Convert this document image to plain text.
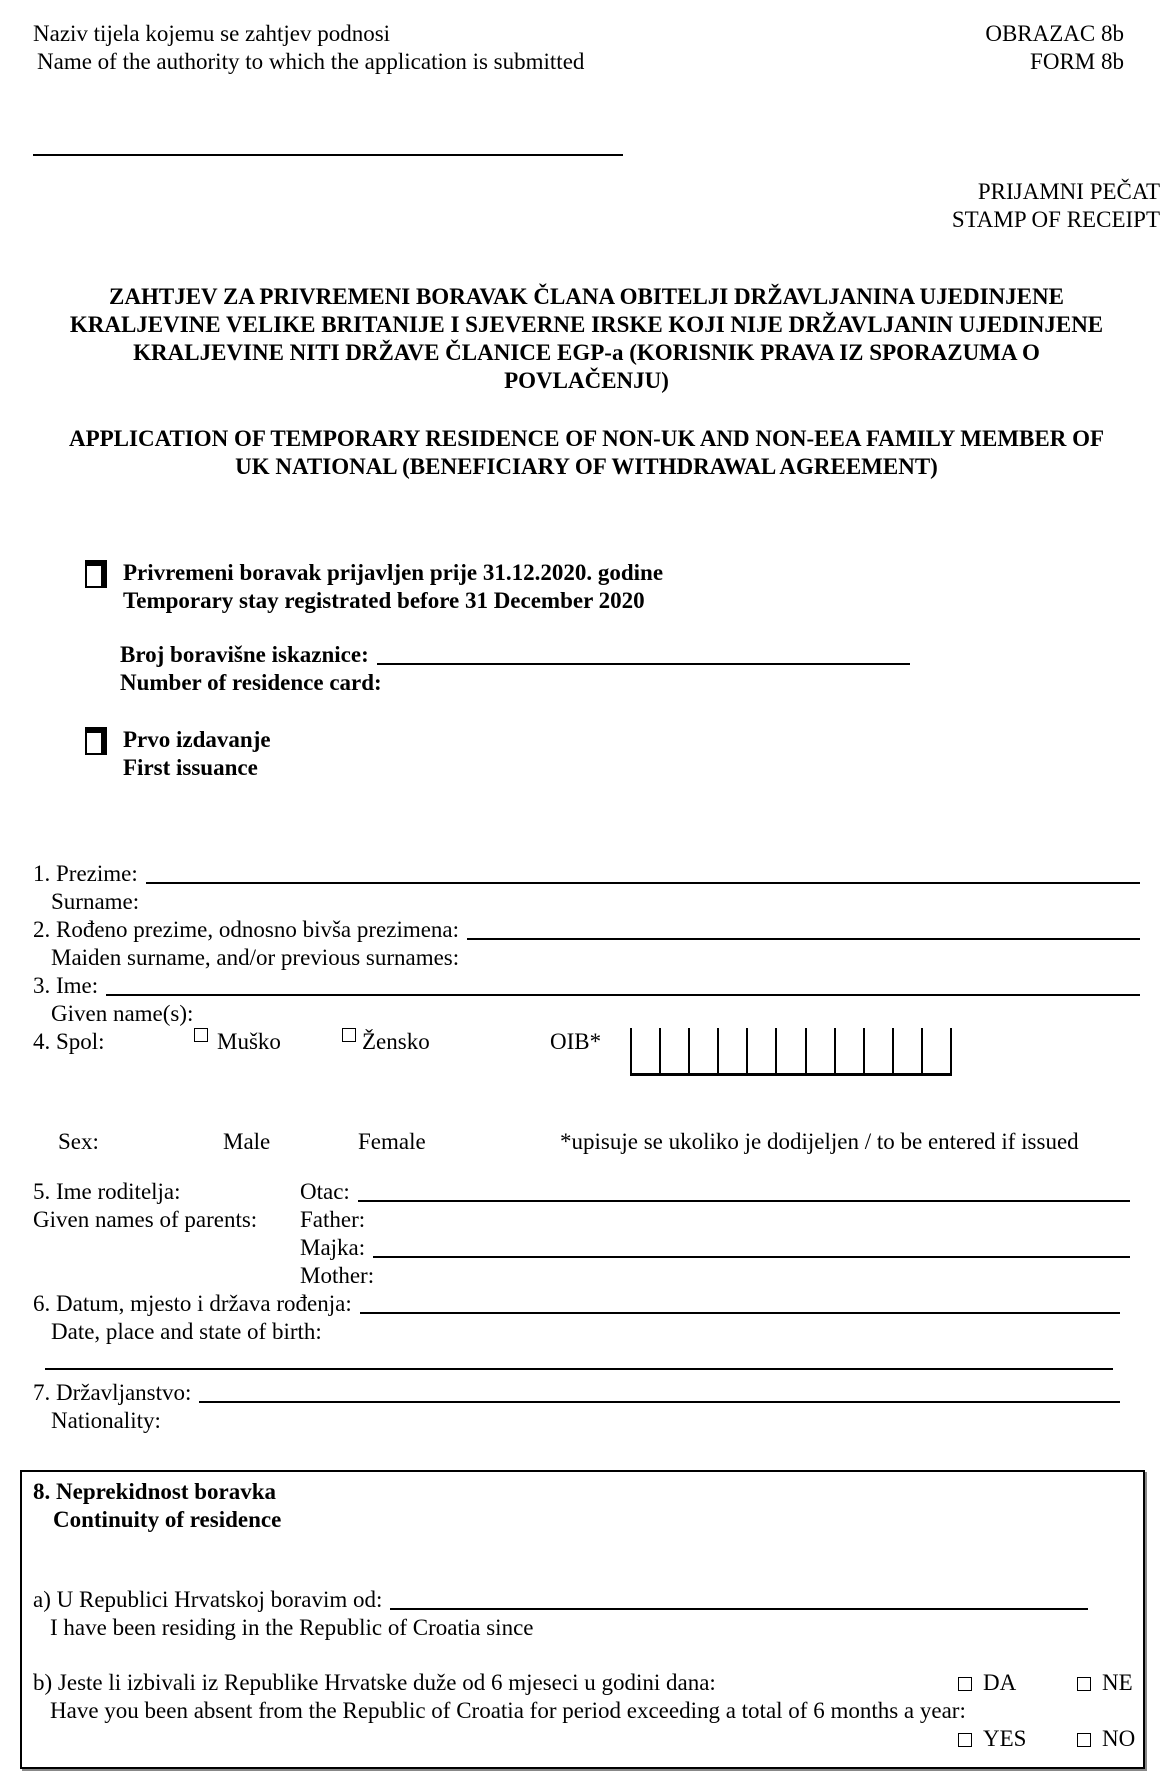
Naziv tijela kojemu se zahtjev podnosi
Name of the authority to which the application is submitted
OBRAZAC 8b
FORM 8b
PRIJAMNI PEČAT
STAMP OF RECEIPT
ZAHTJEV ZA PRIVREMENI BORAVAK ČLANA OBITELJI DRŽAVLJANINA UJEDINJENE
KRALJEVINE VELIKE BRITANIJE I SJEVERNE IRSKE KOJI NIJE DRŽAVLJANIN UJEDINJENE
KRALJEVINE NITI DRŽAVE ČLANICE EGP-a (KORISNIK PRAVA IZ SPORAZUMA O
POVLAČENJU)
APPLICATION OF TEMPORARY RESIDENCE OF NON-UK AND NON-EEA FAMILY MEMBER OF
UK NATIONAL (BENEFICIARY OF WITHDRAWAL AGREEMENT)
Privremeni boravak prijavljen prije 31.12.2020. godine
Temporary stay registrated before 31 December 2020
Broj boravišne iskaznice:
Number of residence card:
Prvo izdavanje
First issuance
1. Prezime:
Surname:
2. Rođeno prezime, odnosno bivša prezimena:
Maiden surname, and/or previous surnames:
3. Ime:
Given name(s):
4. Spol:	Muško	Žensko	OIB*
Sex:	Male	Female	*upisuje se ukoliko je dodijeljen / to be entered if issued
5. Ime roditelja:	Otac:
Given names of parents:	Father:
Majka:
Mother:
6. Datum, mjesto i država rođenja:
Date, place and state of birth:
7. Državljanstvo:
Nationality:
8. Neprekidnost boravka
Continuity of residence
a) U Republici Hrvatskoj boravim od:
I have been residing in the Republic of Croatia since
b) Jeste li izbivali iz Republike Hrvatske duže od 6 mjeseci u godini dana:	DA	NE
Have you been absent from the Republic of Croatia for period exceeding a total of 6 months a year:
YES	NO
